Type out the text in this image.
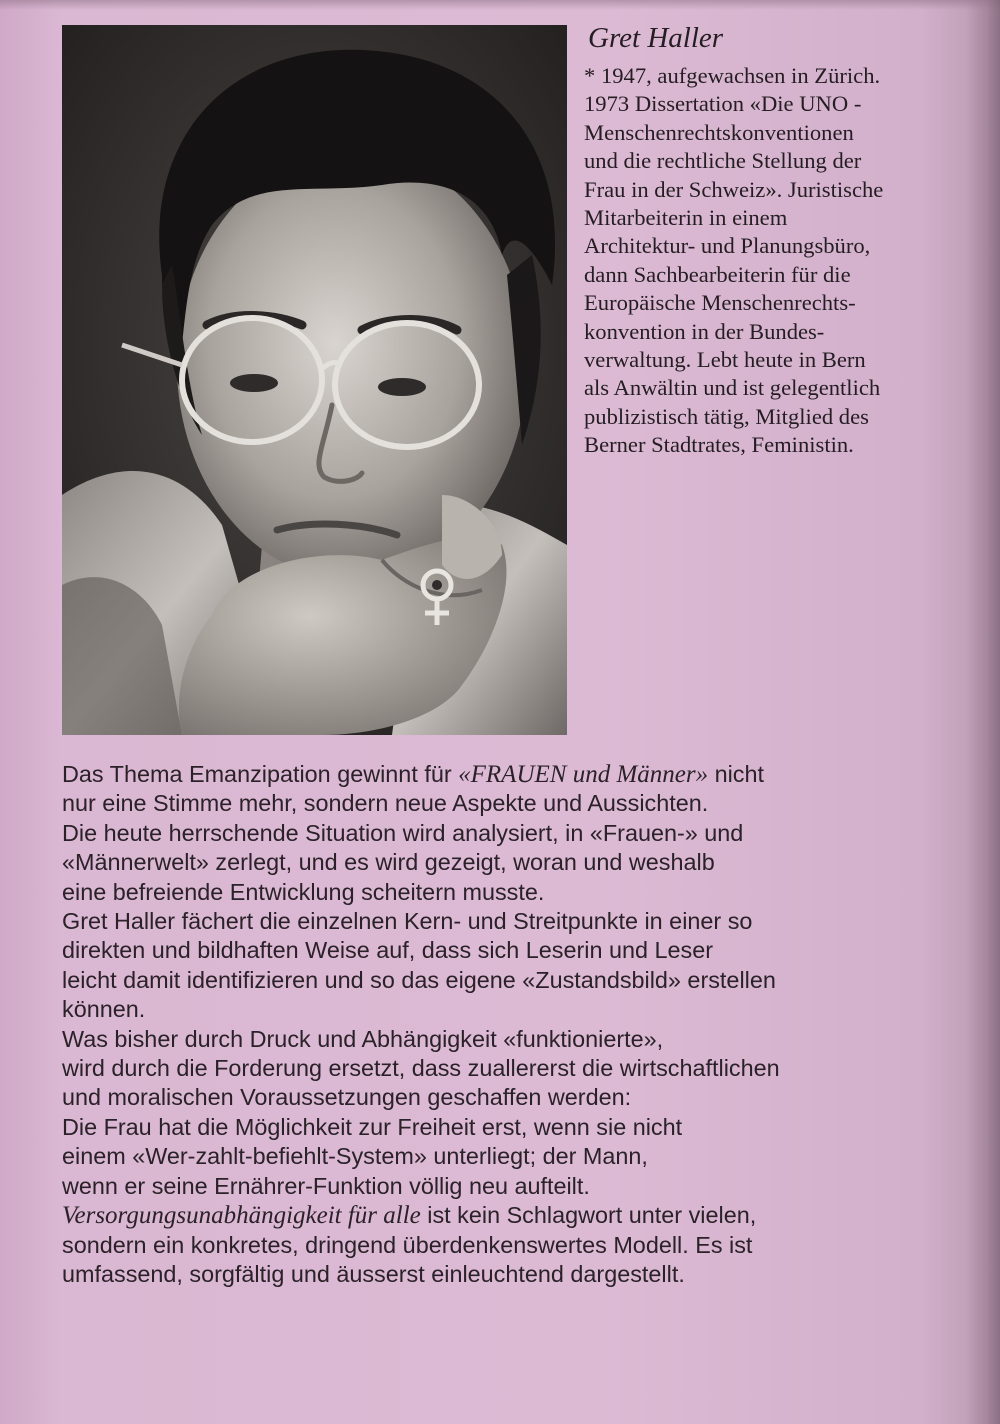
Gret Haller
* 1947, aufgewachsen in Zürich.
1973 Dissertation «Die UNO -
Menschenrechtskonventionen
und die rechtliche Stellung der
Frau in der Schweiz». Juristische
Mitarbeiterin in einem
Architektur- und Planungsbüro,
dann Sachbearbeiterin für die
Europäische Menschenrechts-
konvention in der Bundes-
verwaltung. Lebt heute in Bern
als Anwältin und ist gelegentlich
publizistisch tätig, Mitglied des
Berner Stadtrates, Feministin.
Das Thema Emanzipation gewinnt für «FRAUEN und Männer» nicht
nur eine Stimme mehr, sondern neue Aspekte und Aussichten.
Die heute herrschende Situation wird analysiert, in «Frauen-» und
«Männerwelt» zerlegt, und es wird gezeigt, woran und weshalb
eine befreiende Entwicklung scheitern musste.
Gret Haller fächert die einzelnen Kern- und Streitpunkte in einer so
direkten und bildhaften Weise auf, dass sich Leserin und Leser
leicht damit identifizieren und so das eigene «Zustandsbild» erstellen
können.
Was bisher durch Druck und Abhängigkeit «funktionierte»,
wird durch die Forderung ersetzt, dass zuallererst die wirtschaftlichen
und moralischen Voraussetzungen geschaffen werden:
Die Frau hat die Möglichkeit zur Freiheit erst, wenn sie nicht
einem «Wer-zahlt-befiehlt-System» unterliegt; der Mann,
wenn er seine Ernährer-Funktion völlig neu aufteilt.
Versorgungsunabhängigkeit für alle ist kein Schlagwort unter vielen,
sondern ein konkretes, dringend überdenkenswertes Modell. Es ist
umfassend, sorgfältig und äusserst einleuchtend dargestellt.
